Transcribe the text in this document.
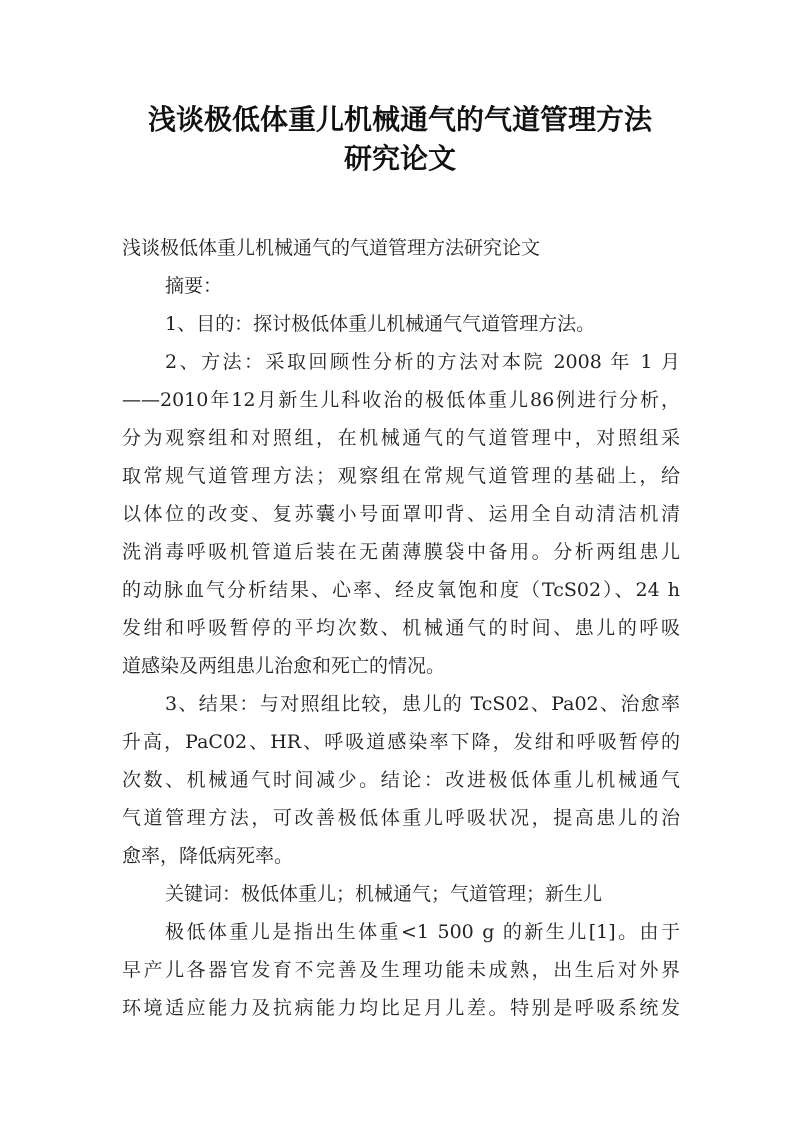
浅谈极低体重儿机械通气的气道管理方法
研究论文
浅谈极低体重儿机械通气的气道管理方法研究论文
摘要：
1、目的：探讨极低体重儿机械通气气道管理方法。
2、方法：采取回顾性分析的方法对本院 2008 年 1 月
——2010年12月新生儿科收治的极低体重儿86例进行分析，
分为观察组和对照组，在机械通气的气道管理中，对照组采
取常规气道管理方法；观察组在常规气道管理的基础上，给
以体位的改变、复苏囊小号面罩叩背、运用全自动清洁机清
洗消毒呼吸机管道后装在无菌薄膜袋中备用。分析两组患儿
的动脉血气分析结果、心率、经皮氧饱和度（TcS02）、24 h
发绀和呼吸暂停的平均次数、机械通气的时间、患儿的呼吸
道感染及两组患儿治愈和死亡的情况。
3、结果：与对照组比较，患儿的 TcS02、Pa02、治愈率
升高，PaC02、HR、呼吸道感染率下降，发绀和呼吸暂停的
次数、机械通气时间减少。结论：改进极低体重儿机械通气
气道管理方法，可改善极低体重儿呼吸状况，提高患儿的治
愈率，降低病死率。
关键词：极低体重儿；机械通气；气道管理；新生儿
极低体重儿是指出生体重<1 500 g 的新生儿[1]。由于
早产儿各器官发育不完善及生理功能未成熟，出生后对外界
环境适应能力及抗病能力均比足月儿差。特别是呼吸系统发
